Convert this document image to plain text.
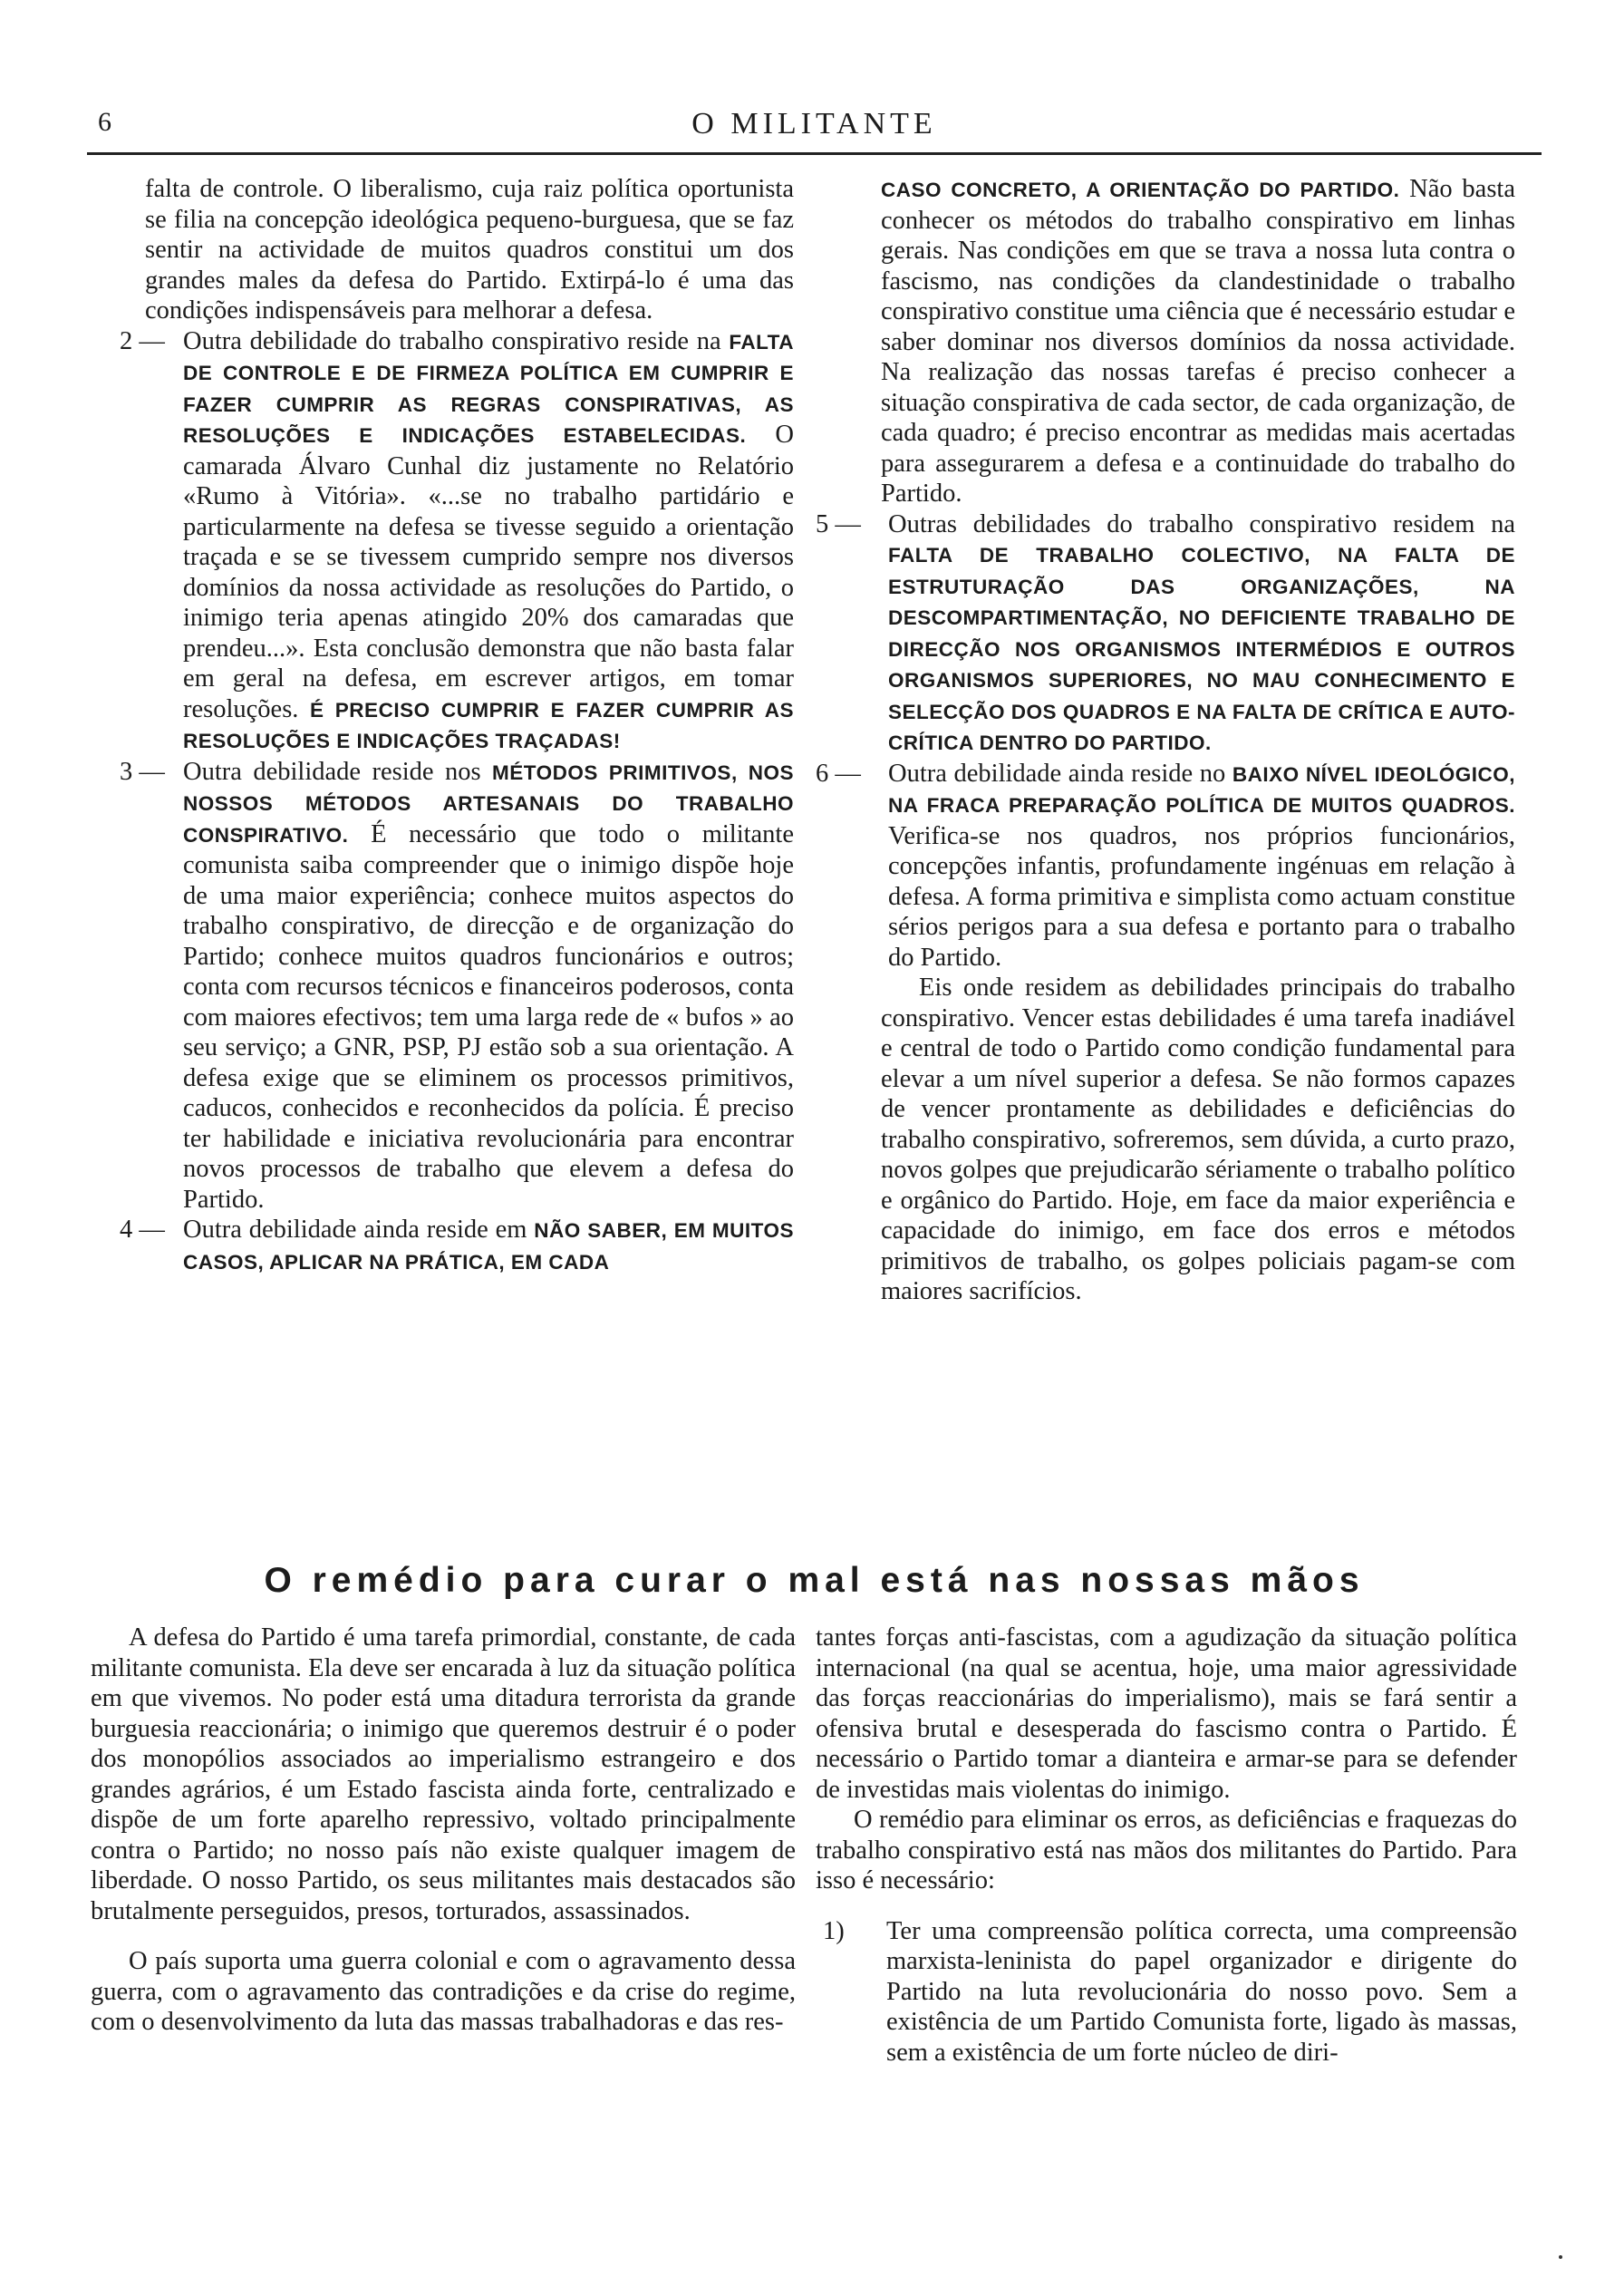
6	O MILITANTE

falta de controle. O liberalismo, cuja raiz política oportunista se filia na concepção ideológica pequeno-burguesa, que se faz sentir na actividade de muitos quadros constitui um dos grandes males da defesa do Partido. Extirpá-lo é uma das condições indispensáveis para melhorar a defesa.

2 — Outra debilidade do trabalho conspirativo reside na FALTA DE CONTROLE E DE FIRMEZA POLÍTICA EM CUMPRIR E FAZER CUMPRIR AS REGRAS CONSPIRATIVAS, AS RESOLUÇÕES E INDICAÇÕES ESTABELECIDAS. O camarada Álvaro Cunhal diz justamente no Relatório «Rumo à Vitória». «...se no trabalho partidário e particularmente na defesa se tivesse seguido a orientação traçada e se se tivessem cumprido sempre nos diversos domínios da nossa actividade as resoluções do Partido, o inimigo teria apenas atingido 20% dos camaradas que prendeu...». Esta conclusão demonstra que não basta falar em geral na defesa, em escrever artigos, em tomar resoluções. É PRECISO CUMPRIR E FAZER CUMPRIR AS RESOLUÇÕES E INDICAÇÕES TRAÇADAS!

3 — Outra debilidade reside nos MÉTODOS PRIMITIVOS, NOS NOSSOS MÉTODOS ARTESANAIS DO TRABALHO CONSPIRATIVO. É necessário que todo o militante comunista saiba compreender que o inimigo dispõe hoje de uma maior experiência; conhece muitos aspectos do trabalho conspirativo, de direcção e de organização do Partido; conhece muitos quadros funcionários e outros; conta com recursos técnicos e financeiros poderosos, conta com maiores efectivos; tem uma larga rede de « bufos » ao seu serviço; a GNR, PSP, PJ estão sob a sua orientação. A defesa exige que se eliminem os processos primitivos, caducos, conhecidos e reconhecidos da polícia. É preciso ter habilidade e iniciativa revolucionária para encontrar novos processos de trabalho que elevem a defesa do Partido.

4 — Outra debilidade ainda reside em NÃO SABER, EM MUITOS CASOS, APLICAR NA PRÁTICA, EM CADA

CASO CONCRETO, A ORIENTAÇÃO DO PARTIDO. Não basta conhecer os métodos do trabalho conspirativo em linhas gerais. Nas condições em que se trava a nossa luta contra o fascismo, nas condições da clandestinidade o trabalho conspirativo constitue uma ciência que é necessário estudar e saber dominar nos diversos domínios da nossa actividade. Na realização das nossas tarefas é preciso conhecer a situação conspirativa de cada sector, de cada organização, de cada quadro; é preciso encontrar as medidas mais acertadas para assegurarem a defesa e a continuidade do trabalho do Partido.

5 — Outras debilidades do trabalho conspirativo residem na FALTA DE TRABALHO COLECTIVO, NA FALTA DE ESTRUTURAÇÃO DAS ORGANIZAÇÕES, NA DESCOMPARTIMENTAÇÃO, NO DEFICIENTE TRABALHO DE DIRECÇÃO NOS ORGANISMOS INTERMÉDIOS E OUTROS ORGANISMOS SUPERIORES, NO MAU CONHECIMENTO E SELECÇÃO DOS QUADROS E NA FALTA DE CRÍTICA E AUTO-CRÍTICA DENTRO DO PARTIDO.

6 — Outra debilidade ainda reside no BAIXO NÍVEL IDEOLÓGICO, NA FRACA PREPARAÇÃO POLÍTICA DE MUITOS QUADROS. Verifica-se nos quadros, nos próprios funcionários, concepções infantis, profundamente ingénuas em relação à defesa. A forma primitiva e simplista como actuam constitue sérios perigos para a sua defesa e portanto para o trabalho do Partido.

Eis onde residem as debilidades principais do trabalho conspirativo. Vencer estas debilidades é uma tarefa inadiável e central de todo o Partido como condição fundamental para elevar a um nível superior a defesa. Se não formos capazes de vencer prontamente as debilidades e deficiências do trabalho conspirativo, sofreremos, sem dúvida, a curto prazo, novos golpes que prejudicarão sériamente o trabalho político e orgânico do Partido. Hoje, em face da maior experiência e capacidade do inimigo, em face dos erros e métodos primitivos de trabalho, os golpes policiais pagam-se com maiores sacrifícios.

O remédio para curar o mal está nas nossas mãos

A defesa do Partido é uma tarefa primordial, constante, de cada militante comunista. Ela deve ser encarada à luz da situação política em que vivemos. No poder está uma ditadura terrorista da grande burguesia reaccionária; o inimigo que queremos destruir é o poder dos monopólios associados ao imperialismo estrangeiro e dos grandes agrários, é um Estado fascista ainda forte, centralizado e dispõe de um forte aparelho repressivo, voltado principalmente contra o Partido; no nosso país não existe qualquer imagem de liberdade. O nosso Partido, os seus militantes mais destacados são brutalmente perseguidos, presos, torturados, assassinados.

O país suporta uma guerra colonial e com o agravamento dessa guerra, com o agravamento das contradições e da crise do regime, com o desenvolvimento da luta das massas trabalhadoras e das res-

tantes forças anti-fascistas, com a agudização da situação política internacional (na qual se acentua, hoje, uma maior agressividade das forças reaccionárias do imperialismo), mais se fará sentir a ofensiva brutal e desesperada do fascismo contra o Partido. É necessário o Partido tomar a dianteira e armar-se para se defender de investidas mais violentas do inimigo.

O remédio para eliminar os erros, as deficiências e fraquezas do trabalho conspirativo está nas mãos dos militantes do Partido. Para isso é necessário:

1) Ter uma compreensão política correcta, uma compreensão marxista-leninista do papel organizador e dirigente do Partido na luta revolucionária do nosso povo. Sem a existência de um Partido Comunista forte, ligado às massas, sem a existência de um forte núcleo de diri-
